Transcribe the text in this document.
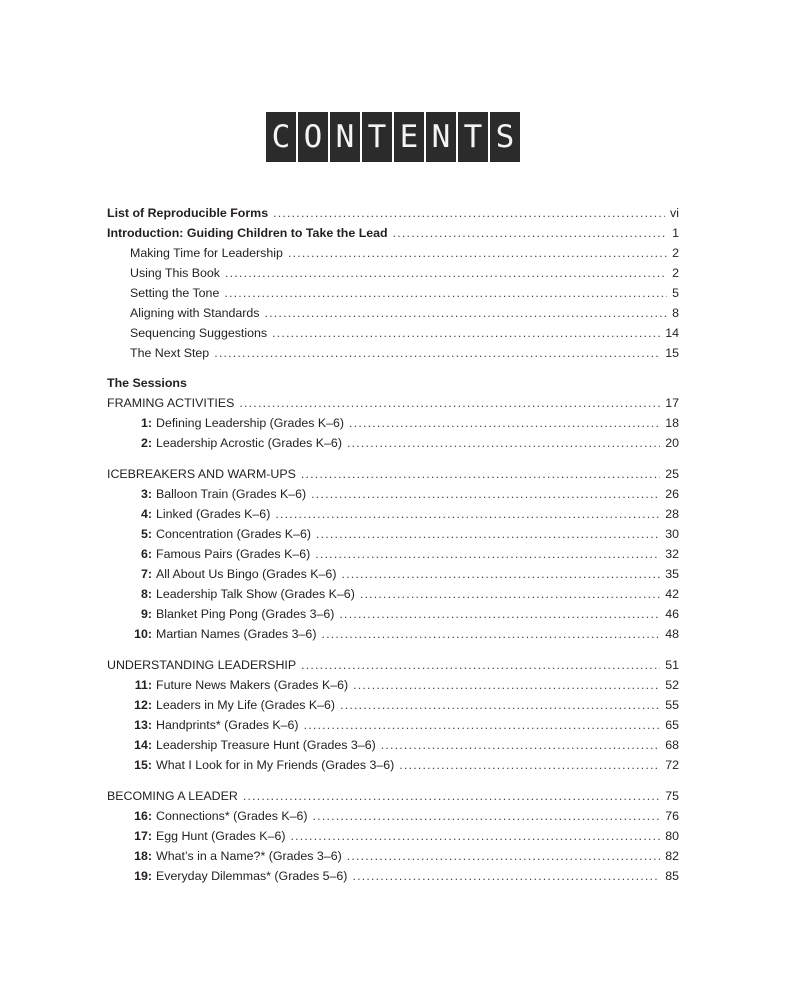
C O N T E N T S
List of Reproducible Forms .....	vi
Introduction: Guiding Children to Take the Lead .....	1
Making Time for Leadership .....	2
Using This Book .....	2
Setting the Tone .....	5
Aligning with Standards .....	8
Sequencing Suggestions .....	14
The Next Step .....	15
The Sessions
FRAMING ACTIVITIES .....	17
1: Defining Leadership (Grades K–6) .....	18
2: Leadership Acrostic (Grades K–6) .....	20
ICEBREAKERS AND WARM-UPS .....	25
3: Balloon Train (Grades K–6) .....	26
4: Linked (Grades K–6) .....	28
5: Concentration (Grades K–6) .....	30
6: Famous Pairs (Grades K–6) .....	32
7: All About Us Bingo (Grades K–6) .....	35
8: Leadership Talk Show (Grades K–6) .....	42
9: Blanket Ping Pong (Grades 3–6) .....	46
10: Martian Names (Grades 3–6) .....	48
UNDERSTANDING LEADERSHIP .....	51
11: Future News Makers (Grades K–6) .....	52
12: Leaders in My Life (Grades K–6) .....	55
13: Handprints* (Grades K–6) .....	65
14: Leadership Treasure Hunt (Grades 3–6) .....	68
15: What I Look for in My Friends (Grades 3–6) .....	72
BECOMING A LEADER .....	75
16: Connections* (Grades K–6) .....	76
17: Egg Hunt (Grades K–6) .....	80
18: What’s in a Name?* (Grades 3–6) .....	82
19: Everyday Dilemmas* (Grades 5–6) .....	85
